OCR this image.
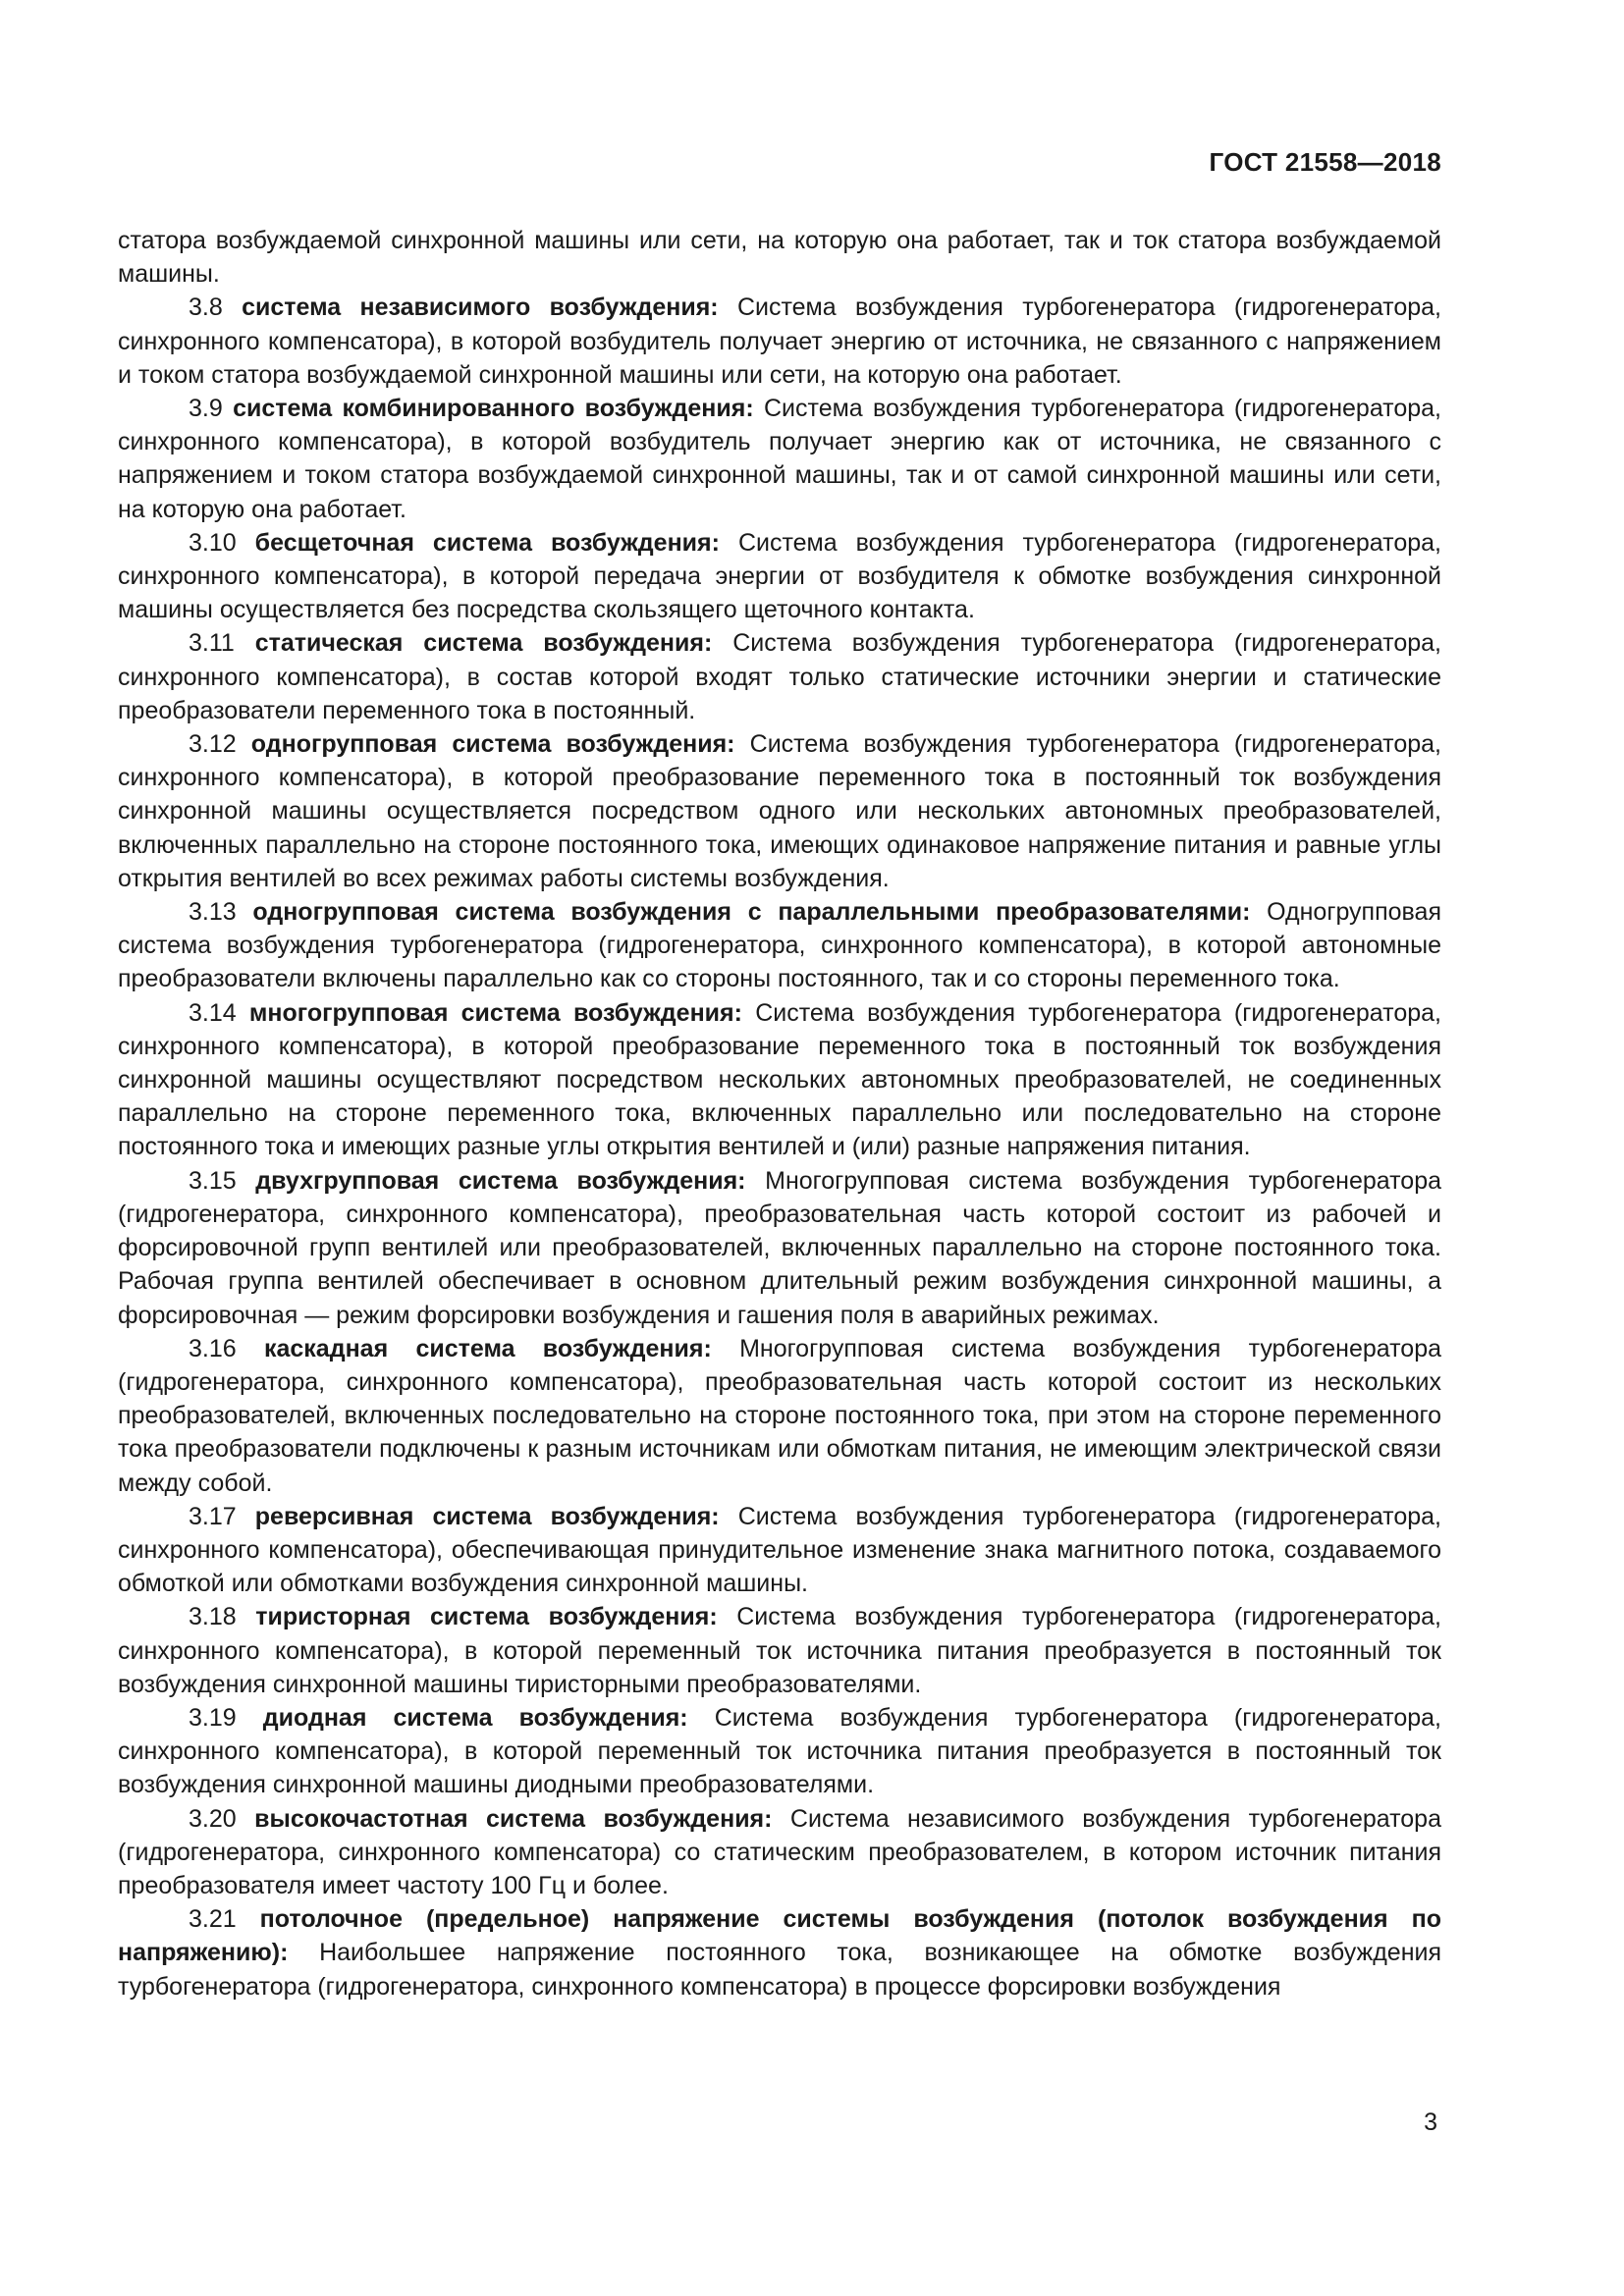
ГОСТ 21558—2018

статора возбуждаемой синхронной машины или сети, на которую она работает, так и ток статора возбуждаемой машины.

3.8 система независимого возбуждения: Система возбуждения турбогенератора (гидрогенератора, синхронного компенсатора), в которой возбудитель получает энергию от источника, не связанного с напряжением и током статора возбуждаемой синхронной машины или сети, на которую она работает.

3.9 система комбинированного возбуждения: Система возбуждения турбогенератора (гидрогенератора, синхронного компенсатора), в которой возбудитель получает энергию как от источника, не связанного с напряжением и током статора возбуждаемой синхронной машины, так и от самой синхронной машины или сети, на которую она работает.

3.10 бесщеточная система возбуждения: Система возбуждения турбогенератора (гидрогенератора, синхронного компенсатора), в которой передача энергии от возбудителя к обмотке возбуждения синхронной машины осуществляется без посредства скользящего щеточного контакта.

3.11 статическая система возбуждения: Система возбуждения турбогенератора (гидрогенератора, синхронного компенсатора), в состав которой входят только статические источники энергии и статические преобразователи переменного тока в постоянный.

3.12 одногрупповая система возбуждения: Система возбуждения турбогенератора (гидрогенератора, синхронного компенсатора), в которой преобразование переменного тока в постоянный ток возбуждения синхронной машины осуществляется посредством одного или нескольких автономных преобразователей, включенных параллельно на стороне постоянного тока, имеющих одинаковое напряжение питания и равные углы открытия вентилей во всех режимах работы системы возбуждения.

3.13 одногрупповая система возбуждения с параллельными преобразователями: Одногрупповая система возбуждения турбогенератора (гидрогенератора, синхронного компенсатора), в которой автономные преобразователи включены параллельно как со стороны постоянного, так и со стороны переменного тока.

3.14 многогрупповая система возбуждения: Система возбуждения турбогенератора (гидрогенератора, синхронного компенсатора), в которой преобразование переменного тока в постоянный ток возбуждения синхронной машины осуществляют посредством нескольких автономных преобразователей, не соединенных параллельно на стороне переменного тока, включенных параллельно или последовательно на стороне постоянного тока и имеющих разные углы открытия вентилей и (или) разные напряжения питания.

3.15 двухгрупповая система возбуждения: Многогрупповая система возбуждения турбогенератора (гидрогенератора, синхронного компенсатора), преобразовательная часть которой состоит из рабочей и форсировочной групп вентилей или преобразователей, включенных параллельно на стороне постоянного тока. Рабочая группа вентилей обеспечивает в основном длительный режим возбуждения синхронной машины, а форсировочная — режим форсировки возбуждения и гашения поля в аварийных режимах.

3.16 каскадная система возбуждения: Многогрупповая система возбуждения турбогенератора (гидрогенератора, синхронного компенсатора), преобразовательная часть которой состоит из нескольких преобразователей, включенных последовательно на стороне постоянного тока, при этом на стороне переменного тока преобразователи подключены к разным источникам или обмоткам питания, не имеющим электрической связи между собой.

3.17 реверсивная система возбуждения: Система возбуждения турбогенератора (гидрогенератора, синхронного компенсатора), обеспечивающая принудительное изменение знака магнитного потока, создаваемого обмоткой или обмотками возбуждения синхронной машины.

3.18 тиристорная система возбуждения: Система возбуждения турбогенератора (гидрогенератора, синхронного компенсатора), в которой переменный ток источника питания преобразуется в постоянный ток возбуждения синхронной машины тиристорными преобразователями.

3.19 диодная система возбуждения: Система возбуждения турбогенератора (гидрогенератора, синхронного компенсатора), в которой переменный ток источника питания преобразуется в постоянный ток возбуждения синхронной машины диодными преобразователями.

3.20 высокочастотная система возбуждения: Система независимого возбуждения турбогенератора (гидрогенератора, синхронного компенсатора) со статическим преобразователем, в котором источник питания преобразователя имеет частоту 100 Гц и более.

3.21 потолочное (предельное) напряжение системы возбуждения (потолок возбуждения по напряжению): Наибольшее напряжение постоянного тока, возникающее на обмотке возбуждения турбогенератора (гидрогенератора, синхронного компенсатора) в процессе форсировки возбуждения

3
